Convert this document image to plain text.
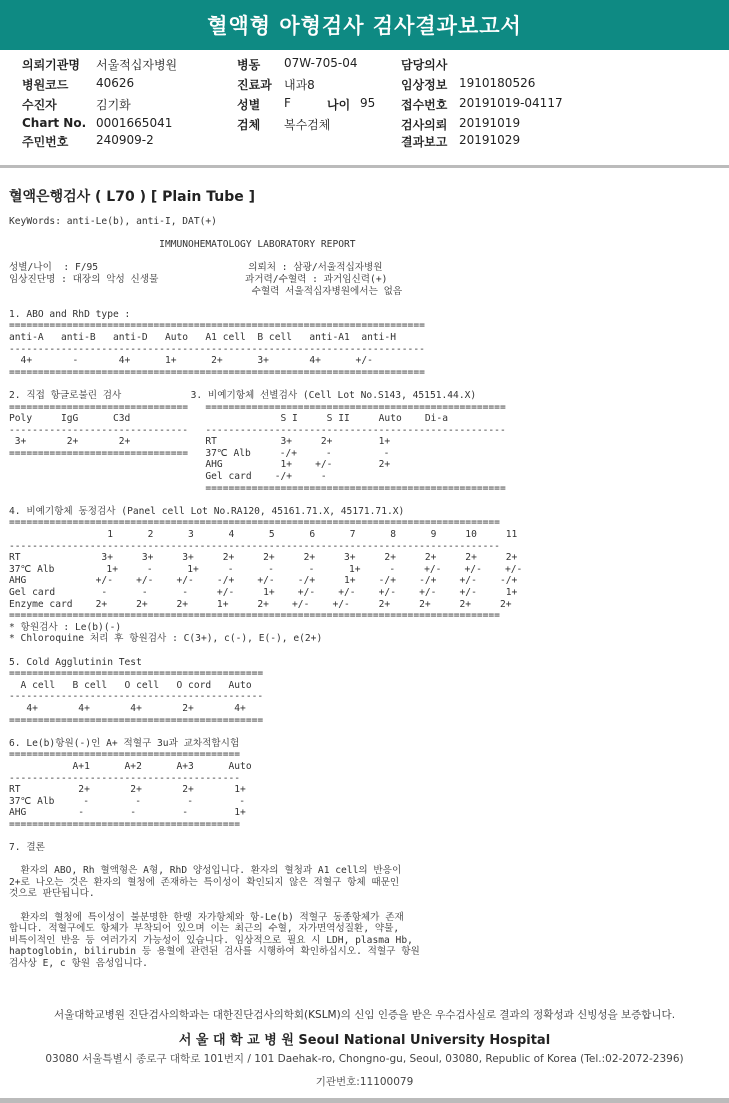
혈액형 아형검사 검사결과보고서
의뢰기관명 서울적십자병원
병원코드 40626
수진자	김기화
Chart No. 0001665041
주민번호 240909-2
병동 07W-705-04
진료과 내과8
성별 F	나이 95
검체 복수검체
담당의사
임상정보 1910180526
접수번호 20191019-04117
검사의뢰 20191019
결과보고 20191029
혈액은행검사 ( L70 ) [ Plain Tube ]
KeyWords: anti-Le(b), anti-I, DAT(+)

IMMUNOHEMATOLOGY LABORATORY REPORT

성별/나이  : F/95                          의뢰처 : 삼광/서울적십자병원
임상진단명 : 대장의 악성 신생물               과거력/수혈력 : 과거임신력(+)
수혈력 서울적십자병원에서는 없음

1. ABO and RhD type :
========================================================================
anti-A   anti-B   anti-D   Auto   A1 cell  B cell   anti-A1  anti-H
------------------------------------------------------------------------
4+       -       4+      1+      2+      3+       4+      +/-
========================================================================

2. 직접 항글로불린 검사            3. 비예기항체 선별검사 (Cell Lot No.S143, 45151.44.X)
===============================   ====================================================
Poly     IgG      C3d                          S I     S II     Auto    Di-a
-------------------------------   ----------------------------------------------------
3+       2+       2+             RT           3+     2+        1+
===============================   37℃ Alb     -/+     -         -
AHG          1+    +/-        2+
Gel card    -/+     -
====================================================

4. 비예기항체 동정검사 (Panel cell Lot No.RA120, 45161.71.X, 45171.71.X)
=====================================================================================
1      2      3      4      5      6      7      8      9     10     11
-------------------------------------------------------------------------------------
RT              3+     3+     3+     2+     2+     2+     3+     2+     2+     2+     2+
37℃ Alb         1+     -      1+     -      -      -      1+     -     +/-    +/-    +/-
AHG            +/-    +/-    +/-    -/+    +/-    -/+     1+    -/+    -/+    +/-    -/+
Gel card        -      -      -     +/-     1+    +/-    +/-    +/-    +/-    +/-     1+
Enzyme card    2+     2+     2+     1+     2+    +/-    +/-     2+     2+     2+     2+
=====================================================================================
* 항원검사 : Le(b)(-)
* Chloroquine 처리 후 항원검사 : C(3+), c(-), E(-), e(2+)

5. Cold Agglutinin Test
============================================
A cell   B cell   O cell   O cord   Auto
--------------------------------------------
4+       4+       4+       2+       4+
============================================

6. Le(b)항원(-)인 A+ 적혈구 3u과 교차적합시험
========================================
A+1      A+2      A+3      Auto
----------------------------------------
RT          2+       2+       2+       1+
37℃ Alb     -        -        -        -
AHG         -        -        -        1+
========================================

7. 결론

환자의 ABO, Rh 혈액형은 A형, RhD 양성입니다. 환자의 혈청과 A1 cell의 반응이
2+로 나오는 것은 환자의 혈청에 존재하는 특이성이 확인되지 않은 적혈구 항체 때문인
것으로 판단됩니다.

환자의 혈청에 특이성이 불분명한 한랭 자가항체와 항-Le(b) 적혈구 동종항체가 존재
합니다. 적혈구에도 항체가 부착되어 있으며 이는 최근의 수혈, 자가면역성질환, 약물,
비특이적인 반응 등 여러가지 가능성이 있습니다. 임상적으로 필요 시 LDH, plasma Hb,
haptoglobin, bilirubin 등 용혈에 관련된 검사를 시행하여 확인하십시오. 적혈구 항원
검사상 E, c 항원 음성입니다.
서울대학교병원 진단검사의학과는 대한진단검사의학회(KSLM)의 신임 인증을 받은 우수검사실로 결과의 정확성과 신빙성을 보증합니다.
서 울 대 학 교 병 원 Seoul National University Hospital
03080 서울특별시 종로구 대학로 101번지 / 101 Daehak-ro, Chongno-gu, Seoul, 03080, Republic of Korea (Tel.:02-2072-2396)
기관번호:11100079
